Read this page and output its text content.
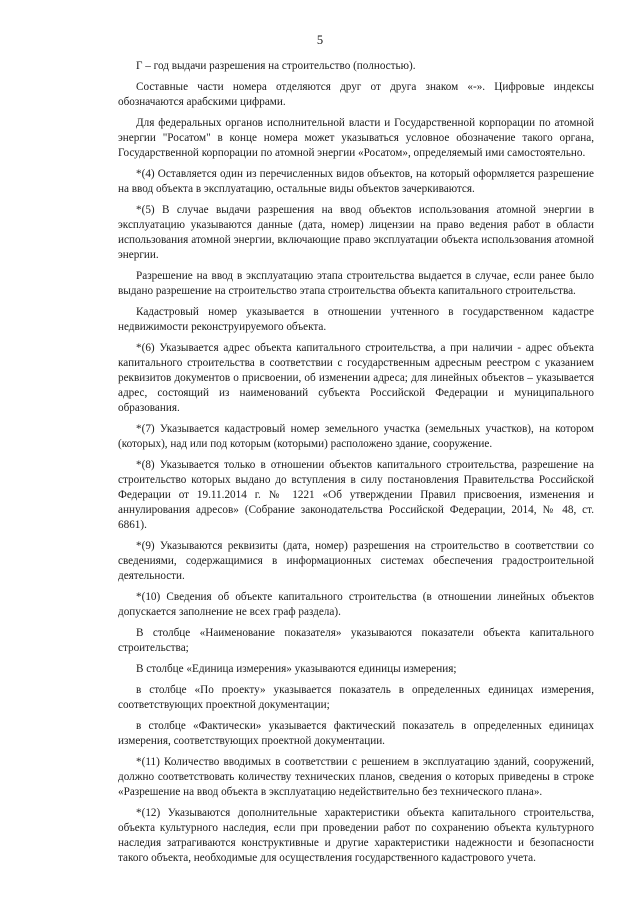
5

Г – год выдачи разрешения на строительство (полностью).

Составные части номера отделяются друг от друга знаком «-». Цифровые индексы обозначаются арабскими цифрами.

Для федеральных органов исполнительной власти и Государственной корпорации по атомной энергии "Росатом" в конце номера может указываться условное обозначение такого органа, Государственной корпорации по атомной энергии «Росатом», определяемый ими самостоятельно.

*(4) Оставляется один из перечисленных видов объектов, на который оформляется разрешение на ввод объекта в эксплуатацию, остальные виды объектов зачеркиваются.

*(5) В случае выдачи разрешения на ввод объектов использования атомной энергии в эксплуатацию указываются данные (дата, номер) лицензии на право ведения работ в области использования атомной энергии, включающие право эксплуатации объекта использования атомной энергии.

Разрешение на ввод в эксплуатацию этапа строительства выдается в случае, если ранее было выдано разрешение на строительство этапа строительства объекта капитального строительства.

Кадастровый номер указывается в отношении учтенного в государственном кадастре недвижимости реконструируемого объекта.

*(6) Указывается адрес объекта капитального строительства, а при наличии - адрес объекта капитального строительства в соответствии с государственным адресным реестром с указанием реквизитов документов о присвоении, об изменении адреса; для линейных объектов – указывается адрес, состоящий из наименований субъекта Российской Федерации и муниципального образования.

*(7) Указывается кадастровый номер земельного участка (земельных участков), на котором (которых), над или под которым (которыми) расположено здание, сооружение.

*(8) Указывается только в отношении объектов капитального строительства, разрешение на строительство которых выдано до вступления в силу постановления Правительства Российской Федерации от 19.11.2014 г. № 1221 «Об утверждении Правил присвоения, изменения и аннулирования адресов» (Собрание законодательства Российской Федерации, 2014, № 48, ст. 6861).

*(9) Указываются реквизиты (дата, номер) разрешения на строительство в соответствии со сведениями, содержащимися в информационных системах обеспечения градостроительной деятельности.

*(10) Сведения об объекте капитального строительства (в отношении линейных объектов допускается заполнение не всех граф раздела).

В столбце «Наименование показателя» указываются показатели объекта капитального строительства;

В столбце «Единица измерения» указываются единицы измерения;

в столбце «По проекту» указывается показатель в определенных единицах измерения, соответствующих проектной документации;

в столбце «Фактически» указывается фактический показатель в определенных единицах измерения, соответствующих проектной документации.

*(11) Количество вводимых в соответствии с решением в эксплуатацию зданий, сооружений, должно соответствовать количеству технических планов, сведения о которых приведены в строке «Разрешение на ввод объекта в эксплуатацию недействительно без технического плана».

*(12) Указываются дополнительные характеристики объекта капитального строительства, объекта культурного наследия, если при проведении работ по сохранению объекта культурного наследия затрагиваются конструктивные и другие характеристики надежности и безопасности такого объекта, необходимые для осуществления государственного кадастрового учета.
